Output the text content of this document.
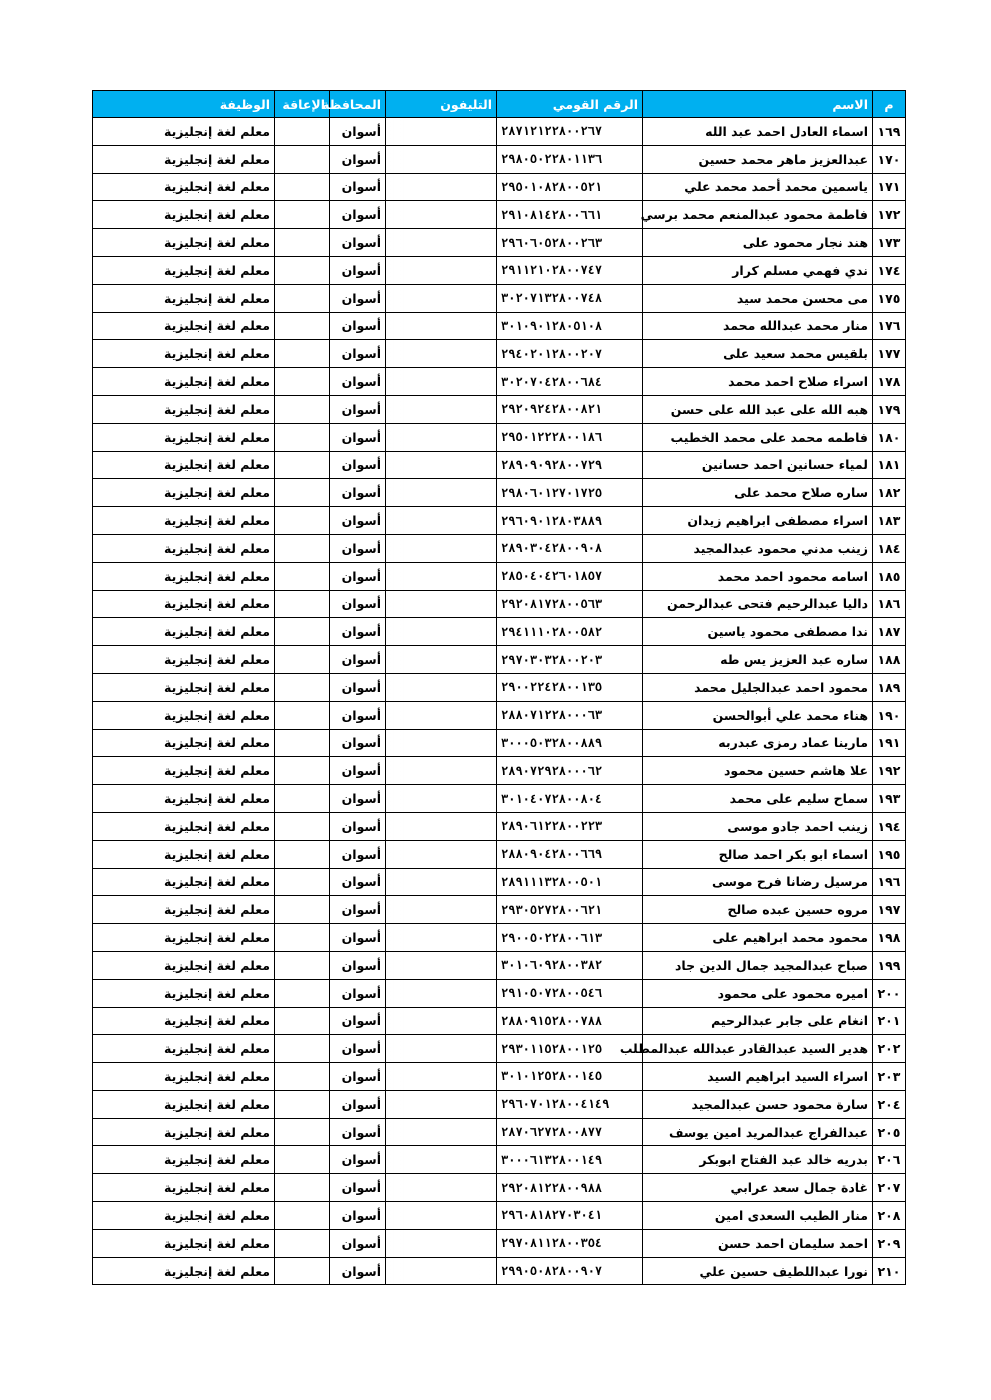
م	الاسم	الرقم القومي	التليفون	المحافظة	الإعاقة	الوظيفة
١٦٩	اسماء العادل احمد عبد الله	٢٨٧١٢١٢٢٨٠٠٢٦٧		أسوان		معلم لغة إنجليزية
١٧٠	عبدالعزيز ماهر محمد حسين	٢٩٨٠٥٠٢٢٨٠١١٣٦		أسوان		معلم لغة إنجليزية
١٧١	ياسمين محمد أحمد محمد علي	٢٩٥٠١٠٨٢٨٠٠٥٢١		أسوان		معلم لغة إنجليزية
١٧٢	فاطمة محمود عبدالمنعم محمد برسي	٢٩١٠٨١٤٢٨٠٠٦٦١		أسوان		معلم لغة إنجليزية
١٧٣	هند نجار محمود على	٢٩٦٠٦٠٥٢٨٠٠٢٦٣		أسوان		معلم لغة إنجليزية
١٧٤	ندي فهمي مسلم كرار	٢٩١١٢١٠٢٨٠٠٧٤٧		أسوان		معلم لغة إنجليزية
١٧٥	مى محسن محمد سيد	٣٠٢٠٧١٣٢٨٠٠٧٤٨		أسوان		معلم لغة إنجليزية
١٧٦	منار محمد عبدالله محمد	٣٠١٠٩٠١٢٨٠٥١٠٨		أسوان		معلم لغة إنجليزية
١٧٧	بلقيس محمد سعيد على	٢٩٤٠٢٠١٢٨٠٠٢٠٧		أسوان		معلم لغة إنجليزية
١٧٨	اسراء صلاح احمد محمد	٣٠٢٠٧٠٤٢٨٠٠٦٨٤		أسوان		معلم لغة إنجليزية
١٧٩	هبه الله على عبد الله على حسن	٢٩٢٠٩٢٤٢٨٠٠٨٢١		أسوان		معلم لغة إنجليزية
١٨٠	فاطمه محمد على محمد الخطيب	٢٩٥٠١٢٢٢٨٠٠١٨٦		أسوان		معلم لغة إنجليزية
١٨١	لمياء حسانين احمد حسانين	٢٨٩٠٩٠٩٢٨٠٠٧٢٩		أسوان		معلم لغة إنجليزية
١٨٢	ساره صلاح محمد على	٢٩٨٠٦٠١٢٧٠١٧٢٥		أسوان		معلم لغة إنجليزية
١٨٣	اسراء مصطفى ابراهيم زيدان	٢٩٦٠٩٠١٢٨٠٣٨٨٩		أسوان		معلم لغة إنجليزية
١٨٤	زينب مدني محمود عبدالمجيد	٢٨٩٠٣٠٤٢٨٠٠٩٠٨		أسوان		معلم لغة إنجليزية
١٨٥	اسامه محمود احمد محمد	٢٨٥٠٤٠٤٢٦٠١٨٥٧		أسوان		معلم لغة إنجليزية
١٨٦	داليا عبدالرحيم فتحى عبدالرحمن	٢٩٢٠٨١٧٢٨٠٠٥٦٣		أسوان		معلم لغة إنجليزية
١٨٧	ندا مصطفى محمود ياسين	٢٩٤١١١٠٢٨٠٠٥٨٢		أسوان		معلم لغة إنجليزية
١٨٨	ساره عبد العزيز يس طه	٢٩٧٠٣٠٣٢٨٠٠٢٠٣		أسوان		معلم لغة إنجليزية
١٨٩	محمود احمد عبدالجليل محمد	٢٩٠٠٢٢٤٢٨٠٠١٣٥		أسوان		معلم لغة إنجليزية
١٩٠	هناء محمد علي أبوالحسن	٢٨٨٠٧١٢٢٨٠٠٠٦٣		أسوان		معلم لغة إنجليزية
١٩١	مارينا عماد رمزى عبدربه	٣٠٠٠٥٠٣٢٨٠٠٨٨٩		أسوان		معلم لغة إنجليزية
١٩٢	علا هاشم حسين محمود	٢٨٩٠٧٢٩٢٨٠٠٠٦٢		أسوان		معلم لغة إنجليزية
١٩٣	سماح سليم على محمد	٣٠١٠٤٠٧٢٨٠٠٨٠٤		أسوان		معلم لغة إنجليزية
١٩٤	زينب احمد جادو موسى	٢٨٩٠٦١٢٢٨٠٠٢٢٣		أسوان		معلم لغة إنجليزية
١٩٥	اسماء ابو بكر احمد صالح	٢٨٨٠٩٠٤٢٨٠٠٦٦٩		أسوان		معلم لغة إنجليزية
١٩٦	مرسيل رضانا فرح موسى	٢٨٩١١١٣٢٨٠٠٥٠١		أسوان		معلم لغة إنجليزية
١٩٧	مروه حسين عبده صالح	٢٩٣٠٥٢٧٢٨٠٠٦٢١		أسوان		معلم لغة إنجليزية
١٩٨	محمود محمد ابراهيم على	٢٩٠٠٥٠٢٢٨٠٠٦١٣		أسوان		معلم لغة إنجليزية
١٩٩	صباح عبدالمجيد جمال الدين جاد	٣٠١٠٦٠٩٢٨٠٠٣٨٢		أسوان		معلم لغة إنجليزية
٢٠٠	اميره محمود على محمود	٢٩١٠٥٠٧٢٨٠٠٥٤٦		أسوان		معلم لغة إنجليزية
٢٠١	انغام على جابر عبدالرحيم	٢٨٨٠٩١٥٢٨٠٠٧٨٨		أسوان		معلم لغة إنجليزية
٢٠٢	هدير السيد عبدالقادر عبدالله عبدالمطلب	٢٩٣٠١١٥٢٨٠٠١٢٥		أسوان		معلم لغة إنجليزية
٢٠٣	اسراء السيد ابراهيم السيد	٣٠١٠١٢٥٢٨٠٠١٤٥		أسوان		معلم لغة إنجليزية
٢٠٤	سارة محمود حسن عبدالمجيد	٢٩٦٠٧٠١٢٨٠٠٤١٤٩		أسوان		معلم لغة إنجليزية
٢٠٥	عبدالفراج عبدالمريد امين يوسف	٢٨٧٠٦٢٧٢٨٠٠٨٧٧		أسوان		معلم لغة إنجليزية
٢٠٦	بدريه خالد عبد الفتاح ابوبكر	٣٠٠٠٦١٣٢٨٠٠١٤٩		أسوان		معلم لغة إنجليزية
٢٠٧	غادة جمال سعد عرابي	٢٩٢٠٨١٢٢٨٠٠٩٨٨		أسوان		معلم لغة إنجليزية
٢٠٨	منار الطيب السعدى امين	٢٩٦٠٨١٨٢٧٠٣٠٤١		أسوان		معلم لغة إنجليزية
٢٠٩	احمد سليمان احمد حسن	٢٩٧٠٨١١٢٨٠٠٣٥٤		أسوان		معلم لغة إنجليزية
٢١٠	نورا عبداللطيف حسين علي	٢٩٩٠٥٠٨٢٨٠٠٩٠٧		أسوان		معلم لغة إنجليزية
